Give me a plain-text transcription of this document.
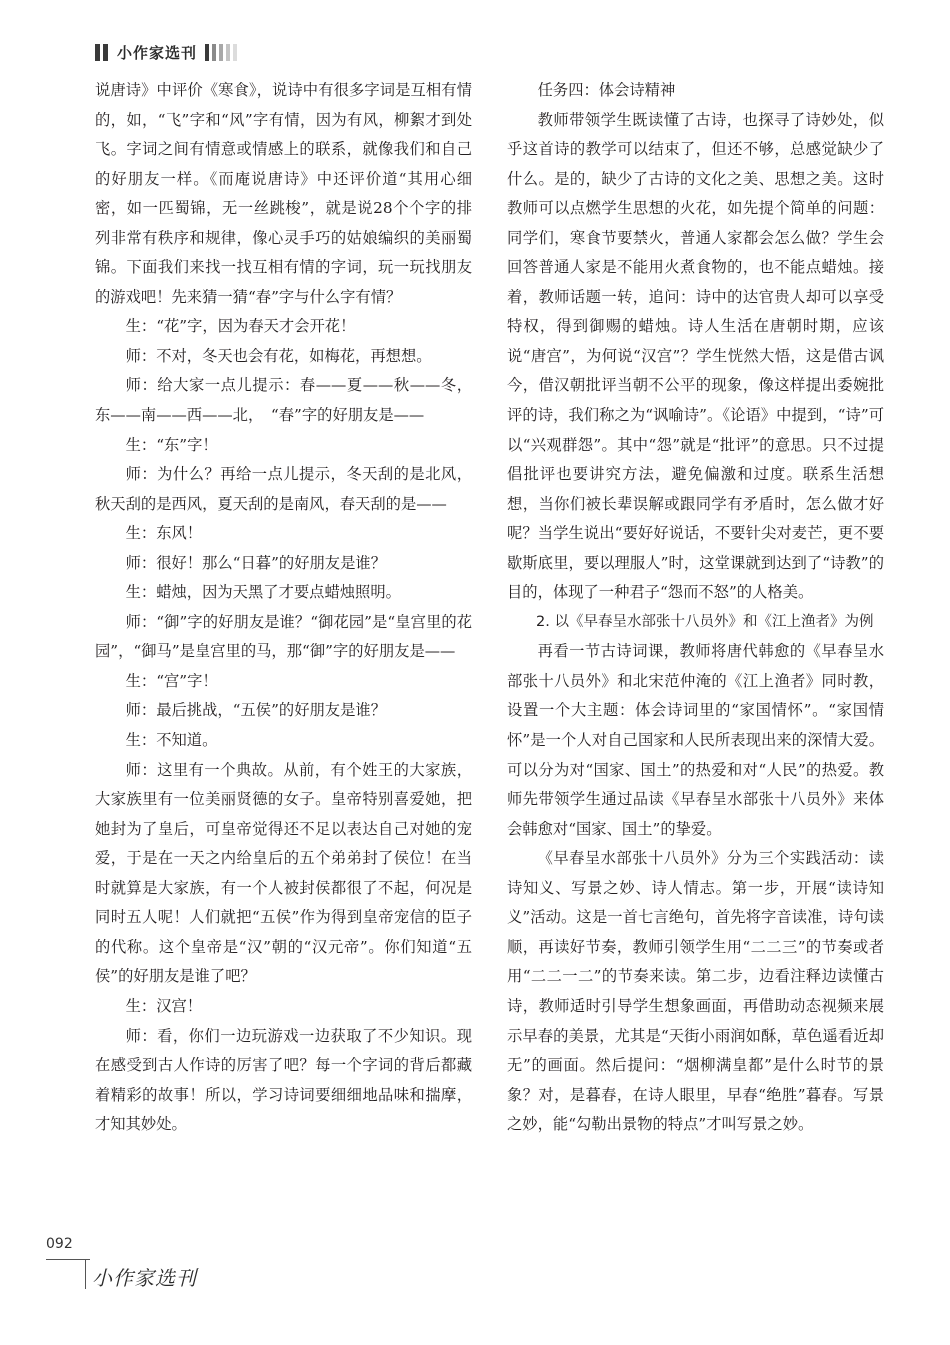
小作家选刊

说唐诗》中评价《寒食》，说诗中有很多字词是互相有情的，如，“飞”字和“风”字有情，因为有风，柳絮才到处飞。字词之间有情意或情感上的联系，就像我们和自己的好朋友一样。《而庵说唐诗》中还评价道“其用心细密，如一匹蜀锦，无一丝跳梭”，就是说28个个字的排列非常有秩序和规律，像心灵手巧的姑娘编织的美丽蜀锦。下面我们来找一找互相有情的字词，玩一玩找朋友的游戏吧！先来猜一猜“春”字与什么字有情？

生：“花”字，因为春天才会开花！

师：不对，冬天也会有花，如梅花，再想想。

师：给大家一点儿提示：春——夏——秋——冬，东——南——西——北，　“春”字的好朋友是——

生：“东”字！

师：为什么？再给一点儿提示，冬天刮的是北风，秋天刮的是西风，夏天刮的是南风，春天刮的是——

生：东风！

师：很好！那么“日暮”的好朋友是谁？

生：蜡烛，因为天黑了才要点蜡烛照明。

师：“御”字的好朋友是谁？“御花园”是“皇宫里的花园”，“御马”是皇宫里的马，那“御”字的好朋友是——

生：“宫”字！

师：最后挑战，“五侯”的好朋友是谁？

生：不知道。

师：这里有一个典故。从前，有个姓王的大家族，大家族里有一位美丽贤德的女子。皇帝特别喜爱她，把她封为了皇后，可皇帝觉得还不足以表达自己对她的宠爱，于是在一天之内给皇后的五个弟弟封了侯位！在当时就算是大家族，有一个人被封侯都很了不起，何况是同时五人呢！人们就把“五侯”作为得到皇帝宠信的臣子的代称。这个皇帝是“汉”朝的“汉元帝”。你们知道“五侯”的好朋友是谁了吧？

生：汉宫！

师：看，你们一边玩游戏一边获取了不少知识。现在感受到古人作诗的厉害了吧？每一个字词的背后都藏着精彩的故事！所以，学习诗词要细细地品味和揣摩，才知其妙处。

任务四：体会诗精神

教师带领学生既读懂了古诗，也探寻了诗妙处，似乎这首诗的教学可以结束了，但还不够，总感觉缺少了什么。是的，缺少了古诗的文化之美、思想之美。这时教师可以点燃学生思想的火花，如先提个简单的问题：同学们，寒食节要禁火，普通人家都会怎么做？学生会回答普通人家是不能用火煮食物的，也不能点蜡烛。接着，教师话题一转，追问：诗中的达官贵人却可以享受特权，得到御赐的蜡烛。诗人生活在唐朝时期，应该说“唐宫”，为何说“汉宫”？学生恍然大悟，这是借古讽今，借汉朝批评当朝不公平的现象，像这样提出委婉批评的诗，我们称之为“讽喻诗”。《论语》中提到，“诗”可以“兴观群怨”。其中“怨”就是“批评”的意思。只不过提倡批评也要讲究方法，避免偏激和过度。联系生活想想，当你们被长辈误解或跟同学有矛盾时，怎么做才好呢？当学生说出“要好好说话，不要针尖对麦芒，更不要歇斯底里，要以理服人”时，这堂课就到达到了“诗教”的目的，体现了一种君子“怨而不怒”的人格美。

2. 以《早春呈水部张十八员外》和《江上渔者》为例

再看一节古诗词课，教师将唐代韩愈的《早春呈水部张十八员外》和北宋范仲淹的《江上渔者》同时教，设置一个大主题：体会诗词里的“家国情怀”。“家国情怀”是一个人对自己国家和人民所表现出来的深情大爱。可以分为对“国家、国土”的热爱和对“人民”的热爱。教师先带领学生通过品读《早春呈水部张十八员外》来体会韩愈对“国家、国土”的挚爱。

《早春呈水部张十八员外》分为三个实践活动：读诗知义、写景之妙、诗人情志。第一步，开展“读诗知义”活动。这是一首七言绝句，首先将字音读准，诗句读顺，再读好节奏，教师引领学生用“二二三”的节奏或者用“二二一二”的节奏来读。第二步，边看注释边读懂古诗，教师适时引导学生想象画面，再借助动态视频来展示早春的美景，尤其是“天街小雨润如酥，草色遥看近却无”的画面。然后提问：“烟柳满皇都”是什么时节的景象？对，是暮春，在诗人眼里，早春“绝胜”暮春。写景之妙，能“勾勒出景物的特点”才叫写景之妙。

092
小作家选刊
